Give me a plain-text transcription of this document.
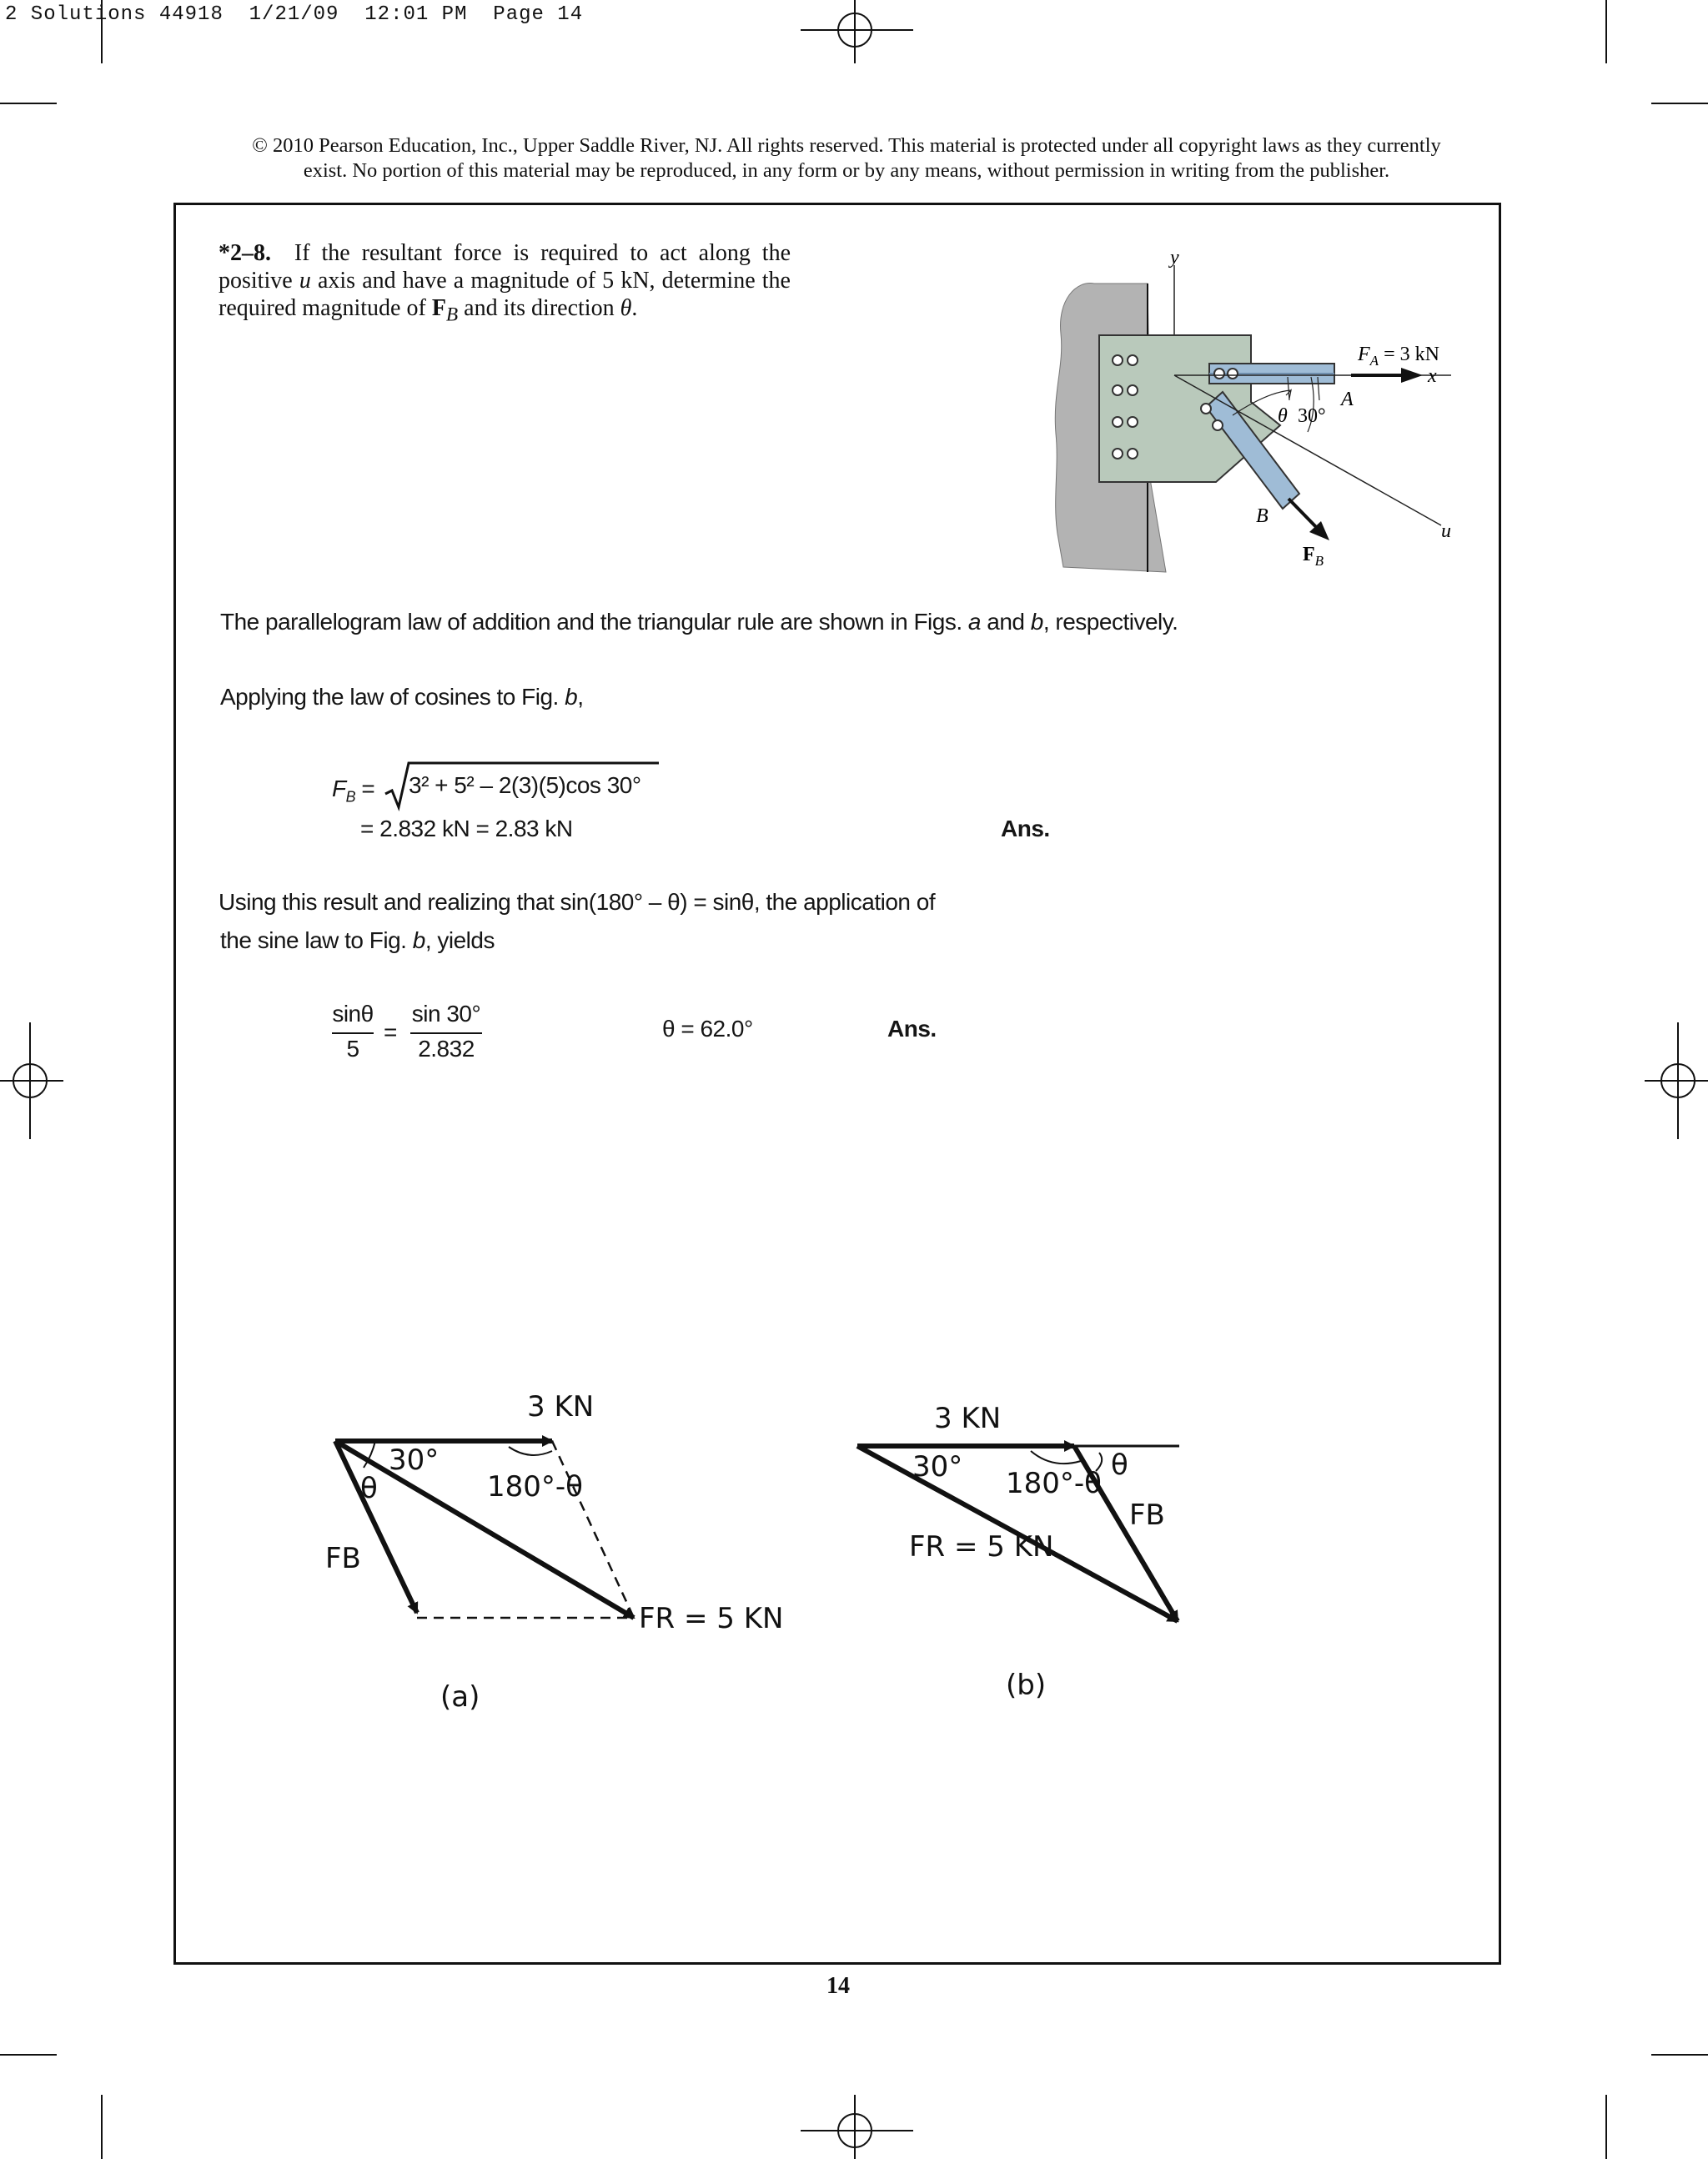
2 Solutions 44918  1/21/09  12:01 PM  Page 14
© 2010 Pearson Education, Inc., Upper Saddle River, NJ. All rights reserved. This material is protected under all copyright laws as they currently
exist. No portion of this material may be reproduced, in any form or by any means, without permission in writing from the publisher.
*2–8. If the resultant force is required to act along the positive u axis and have a magnitude of 5 kN, determine the required magnitude of $F_B$ and its direction θ.
y
x
u
$F_A = 3$ kN
A
B
θ 30°
$F_B$
The parallelogram law of addition and the triangular rule are shown in Figs. a and b, respectively.
Applying the law of cosines to Fig. b,
$F_B = 3^2 + 5^2 - 2(3)(5)\cos$ 30°
= 2.832 kN = 2.83 kN	Ans.
Using this result and realizing that sin(180° – θ) = sinθ, the application of
the sine law to Fig. b, yields
sinθ
5
=
sin 30°
2.832
θ = 62.0°	Ans.
3 KN
30°
θ	180°-θ
FB
FR = 5 KN
(a)
3 KN
30° 180°-θ
θ
FB
FR = 5 KN
(b)
14
